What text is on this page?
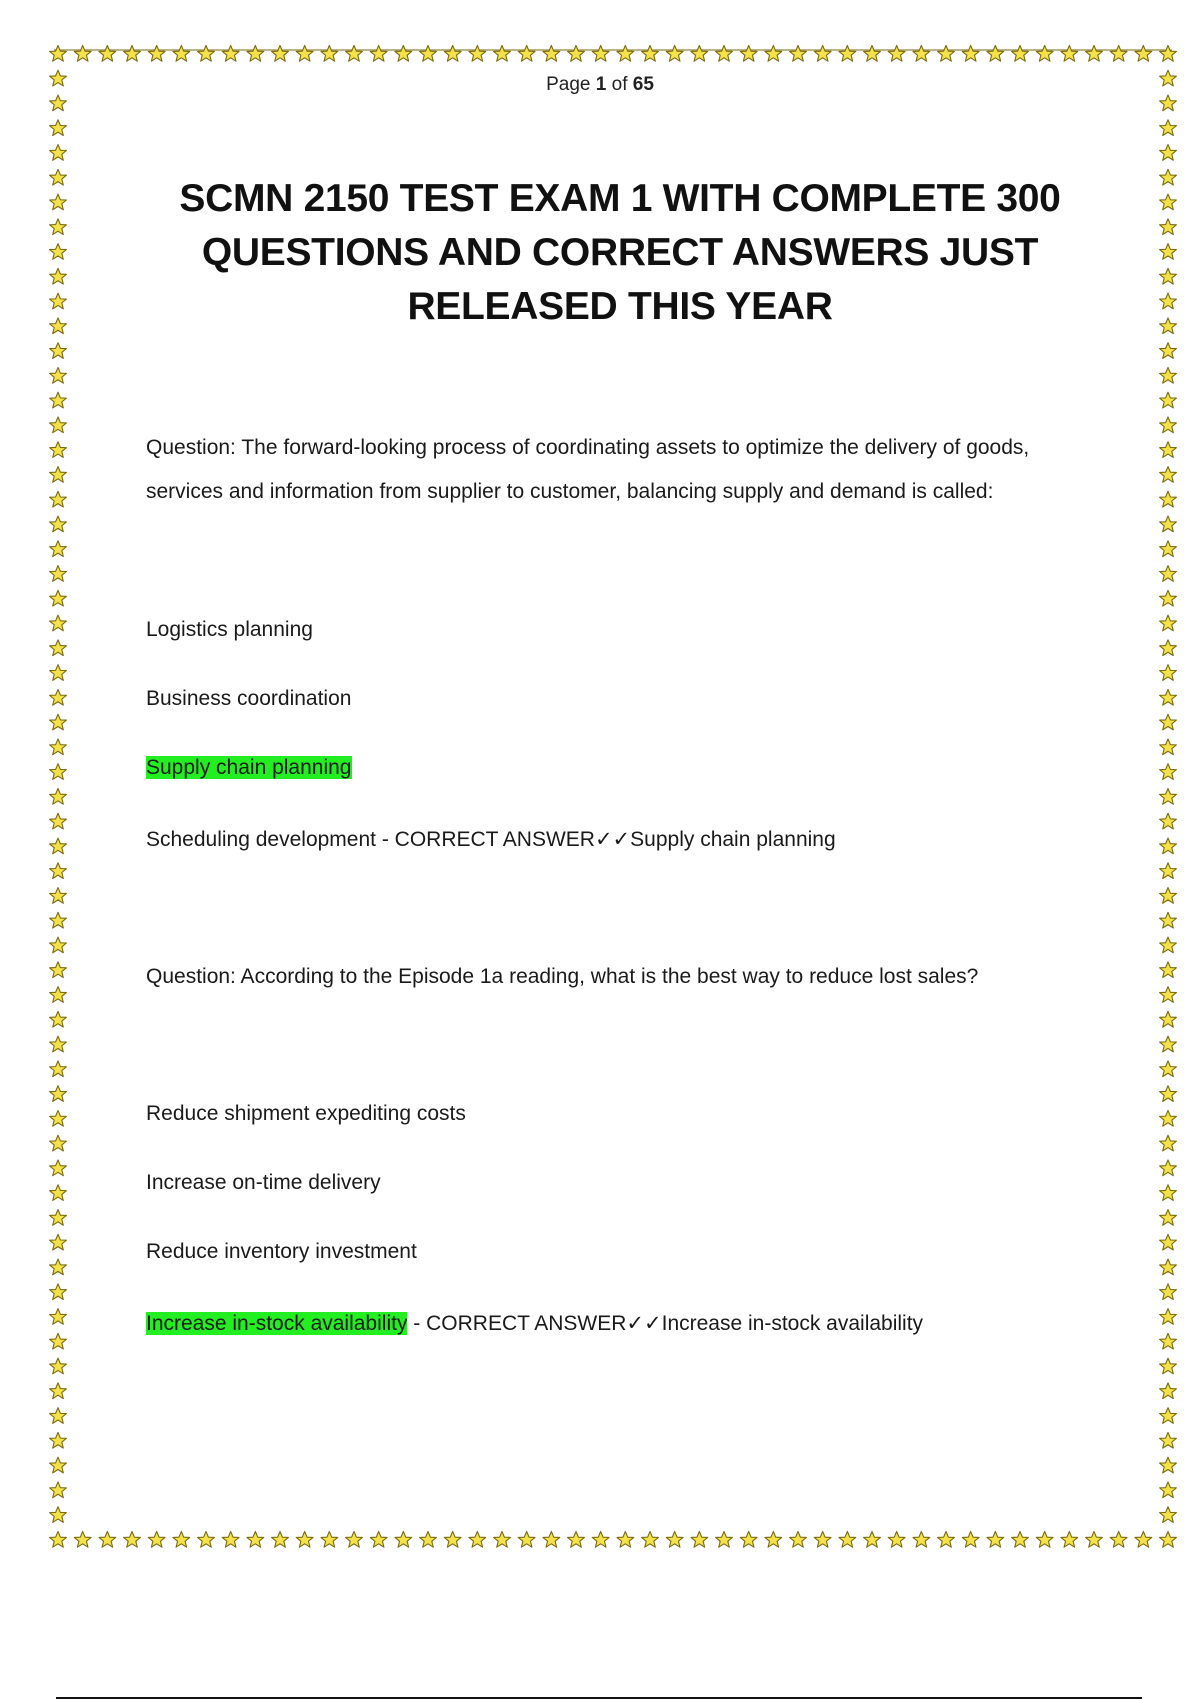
Page 1 of 65
SCMN 2150 TEST EXAM 1 WITH COMPLETE 300 QUESTIONS AND CORRECT ANSWERS JUST RELEASED THIS YEAR

Question: The forward-looking process of coordinating assets to optimize the delivery of goods, services and information from supplier to customer, balancing supply and demand is called:

Logistics planning

Business coordination

Supply chain planning

Scheduling development - CORRECT ANSWER✓✓Supply chain planning

Question: According to the Episode 1a reading, what is the best way to reduce lost sales?

Reduce shipment expediting costs

Increase on-time delivery

Reduce inventory investment

Increase in-stock availability - CORRECT ANSWER✓✓Increase in-stock availability
